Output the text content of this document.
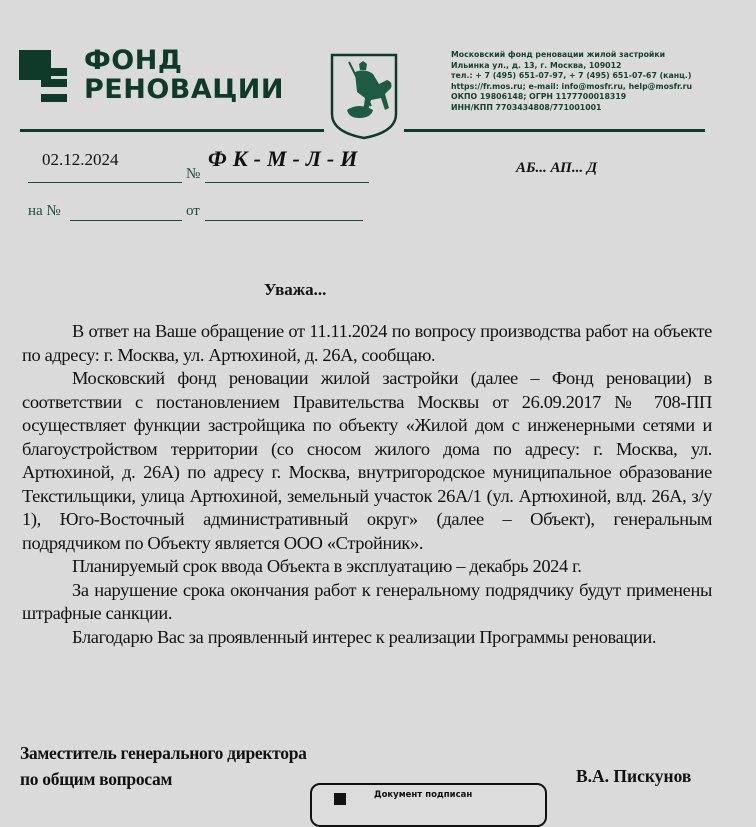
ФОНД
РЕНОВАЦИИ
Московский фонд реновации жилой застройки
Ильинка ул., д. 13, г. Москва, 109012
тел.: + 7 (495) 651-07-97, + 7 (495) 651-07-67 (канц.)
https://fr.mos.ru; e-mail: info@mosfr.ru, help@mosfr.ru
ОКПО 19806148; ОГРН 1177700018319
ИНН/КПП 7703434808/771001001
02.12.2024
№
ФК-М-Л-И
на №	от
АБ... АП... Д
Уважа...

В ответ на Ваше обращение от 11.11.2024 по вопросу производства работ на объекте по адресу: г. Москва, ул. Артюхиной, д. 26А, сообщаю.

Московский фонд реновации жилой застройки (далее – Фонд реновации) в соответствии с постановлением Правительства Москвы от 26.09.2017 № 708-ПП осуществляет функции застройщика по объекту «Жилой дом с инженерными сетями и благоустройством территории (со сносом жилого дома по адресу: г. Москва, ул. Артюхиной, д. 26А) по адресу г. Москва, внутригородское муниципальное образование Текстильщики, улица Артюхиной, земельный участок 26А/1 (ул. Артюхиной, влд. 26А, з/у 1), Юго-Восточный административный округ» (далее – Объект), генеральным подрядчиком по Объекту является ООО «Стройник».

Планируемый срок ввода Объекта в эксплуатацию – декабрь 2024 г.

За нарушение срока окончания работ к генеральному подрядчику будут применены штрафные санкции.

Благодарю Вас за проявленный интерес к реализации Программы реновации.

Заместитель генерального директора
по общим вопросам	В.А. Пискунов
Документ подписан
